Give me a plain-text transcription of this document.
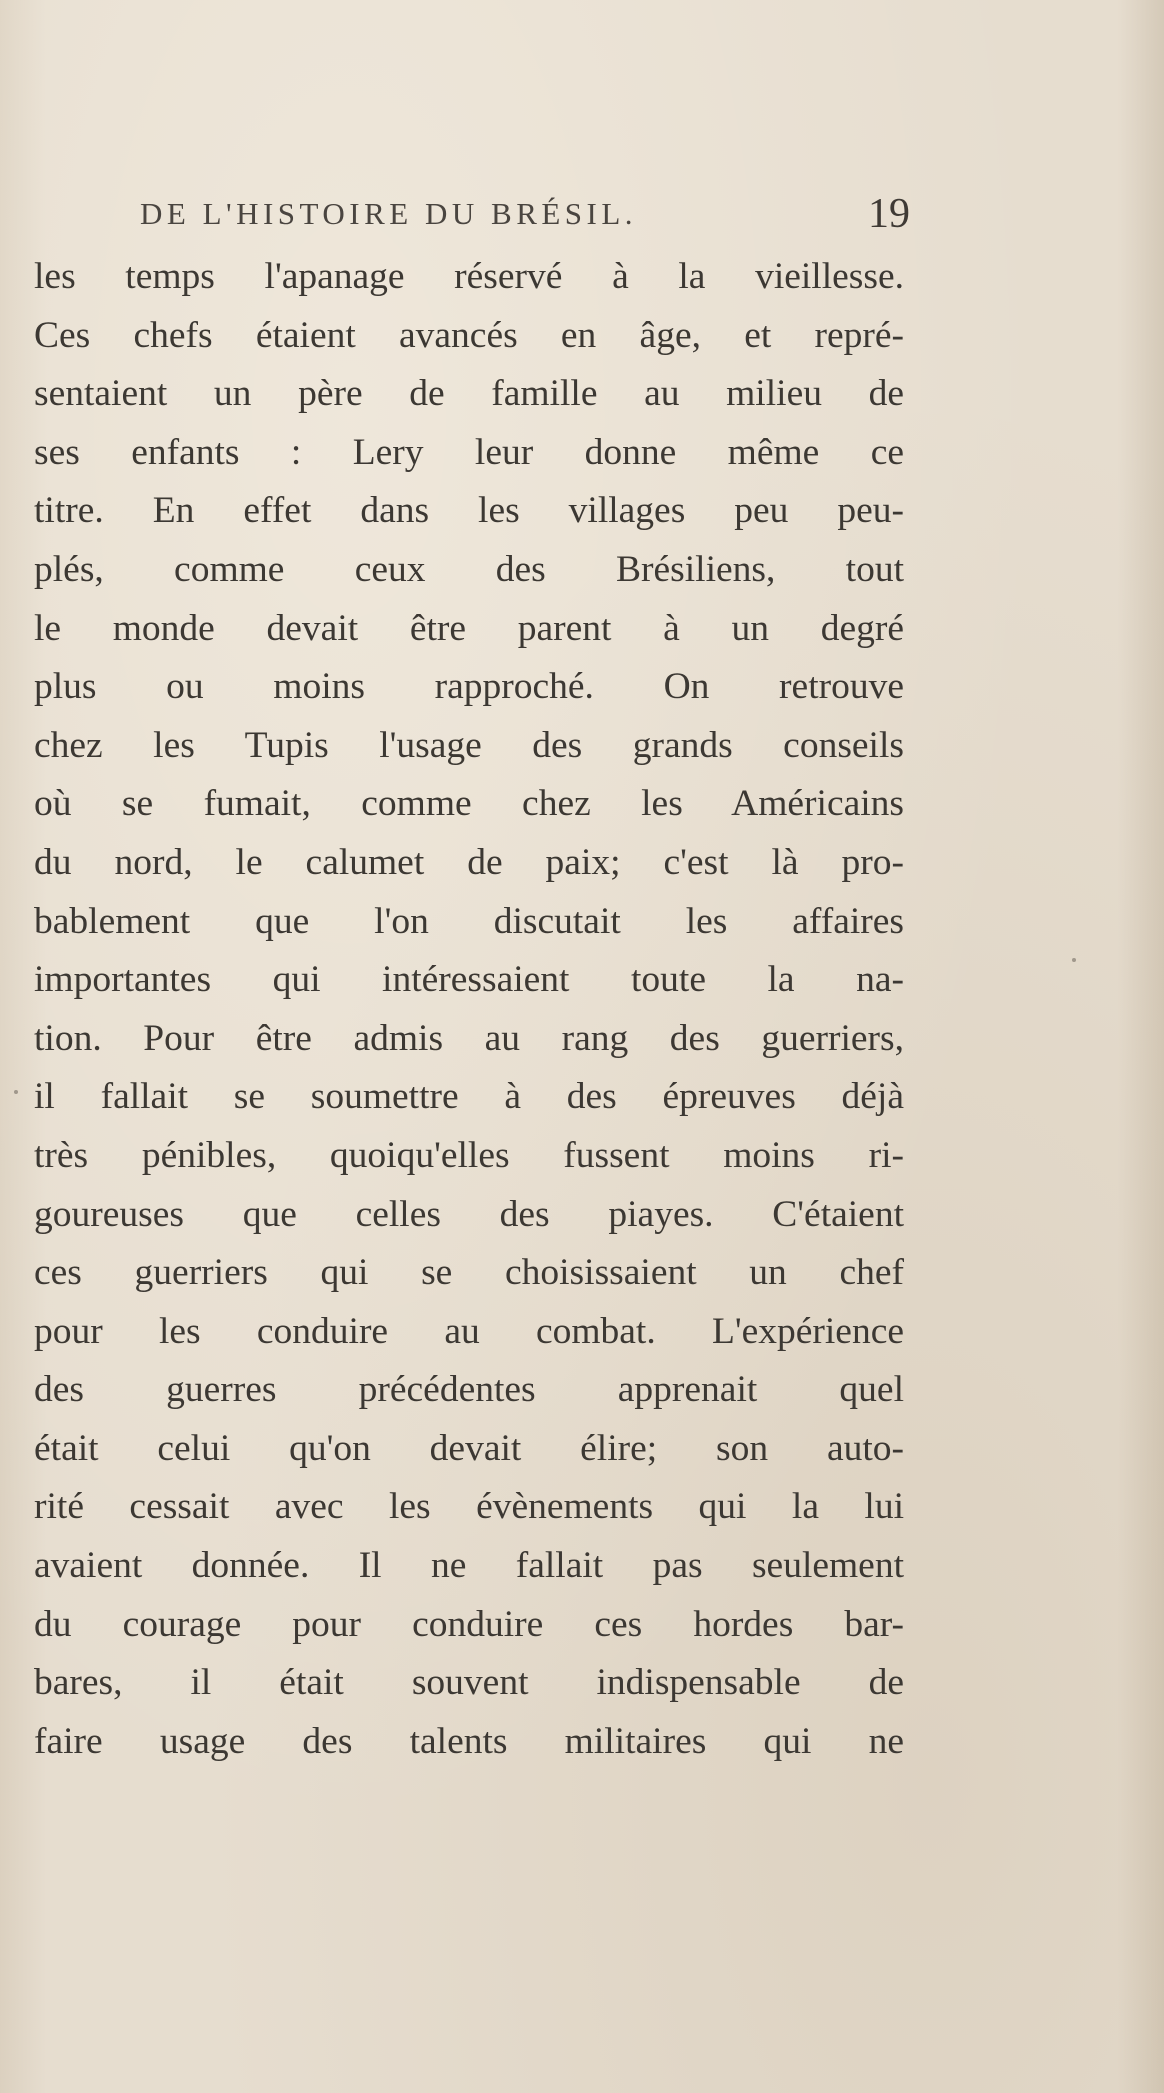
DE L'HISTOIRE DU BRÉSIL.	19
les temps l'apanage réservé à la vieillesse.
Ces chefs étaient avancés en âge, et repré-
sentaient un père de famille au milieu de
ses enfants : Lery leur donne même ce
titre. En effet dans les villages peu peu-
plés, comme ceux des Brésiliens, tout
le monde devait être parent à un degré
plus ou moins rapproché. On retrouve
chez les Tupis l'usage des grands conseils
où se fumait, comme chez les Américains
du nord, le calumet de paix; c'est là pro-
bablement que l'on discutait les affaires
importantes qui intéressaient toute la na-
tion. Pour être admis au rang des guerriers,
il fallait se soumettre à des épreuves déjà
très pénibles, quoiqu'elles fussent moins ri-
goureuses que celles des piayes. C'étaient
ces guerriers qui se choisissaient un chef
pour les conduire au combat. L'expérience
des guerres précédentes apprenait quel
était celui qu'on devait élire; son auto-
rité cessait avec les évènements qui la lui
avaient donnée. Il ne fallait pas seulement
du courage pour conduire ces hordes bar-
bares, il était souvent indispensable de
faire usage des talents militaires qui ne
